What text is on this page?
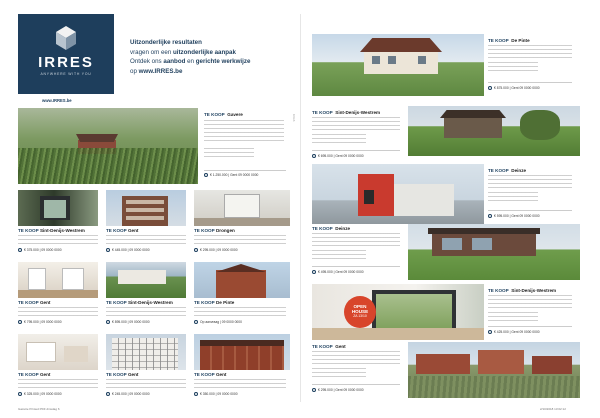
IRRES
ANYWHERE WITH YOU
www.IRRES.be
Uitzonderlijke resultaten
vragen om een uitzonderlijke aanpak
Ontdek ons aanbod en gerichte werkwijze
op www.IRRES.be
TE KOOP Gavere
€ 1.250.000 | Gent 09 0000 0000
IRRES
TE KOOP Sint-Denijs-Westrem
€ 375.000 | 09 0000 0000
TE KOOP Gent
€ 445.000 | 09 0000 0000
TE KOOP Drongen
€ 295.000 | 09 0000 0000
TE KOOP Gent
€ 795.000 | 09 0000 0000
TE KOOP Sint-Denijs-Westrem
€ 895.000 | 09 0000 0000
TE KOOP De Pinte
Op aanvraag | 09 0000 0000
TE KOOP Gent
€ 325.000 | 09 0000 0000
TE KOOP Gent
€ 245.000 | 09 0000 0000
TE KOOP Gent
€ 350.000 | 09 0000 0000
TE KOOP De Pinte
€ 875.000 | Gent 09 0000 0000
TE KOOP Sint-Denijs-Westrem
€ 695.000 | Gent 09 0000 0000
TE KOOP Deinze
€ 595.000 | Gent 09 0000 0000
TE KOOP Deinze
€ 495.000 | Gent 09 0000 0000
OPEN
HOUSE
ZA 13/10
TE KOOP Sint-Denijs-Westrem
€ 425.000 | Gent 09 0000 0000
TE KOOP Gent
€ 295.000 | Gent 09 0000 0000
Gazette Printed PDF dinsdag 6	2/10/2018 13:02:12
